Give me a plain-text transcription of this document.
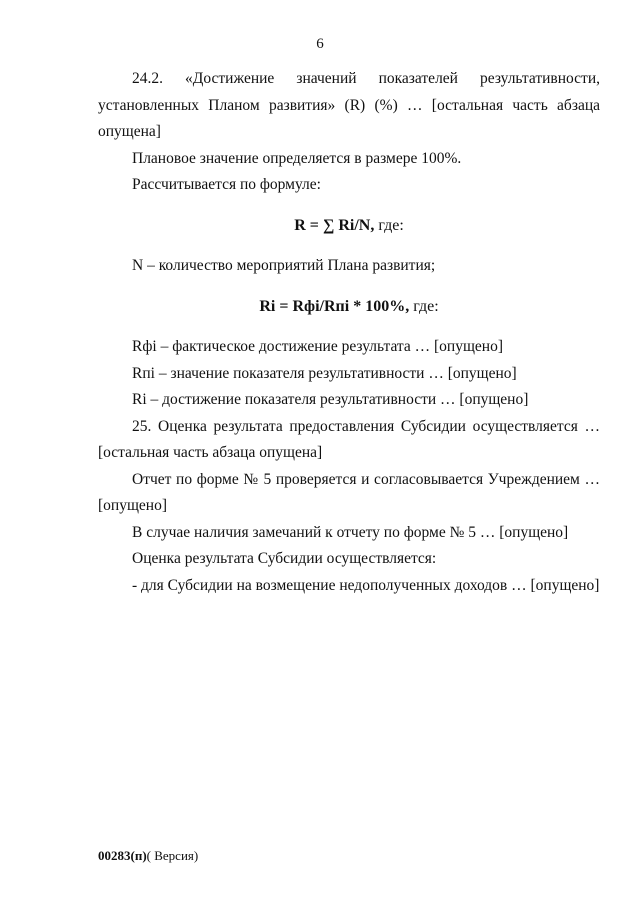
6

24.2. «Достижение значений показателей результативности, установленных Планом развития» (R) (%) … [остальная часть абзаца опущена]

Плановое значение определяется в размере 100%.

Рассчитывается по формуле:

R = ∑ Ri/N, где:

N – количество мероприятий Плана развития;

Ri = Rфi/Rпi * 100%, где:

Rфi – фактическое достижение результата … [опущено]

Rпi – значение показателя результативности … [опущено]

Ri – достижение показателя результативности … [опущено]

25. Оценка результата предоставления Субсидии осуществляется … [остальная часть абзаца опущена]

Отчет по форме № 5 проверяется и согласовывается Учреждением … [опущено]

В случае наличия замечаний к отчету по форме № 5 … [опущено]

Оценка результата Субсидии осуществляется:

- для Субсидии на возмещение недополученных доходов … [опущено]

00283(п)( Версия)
